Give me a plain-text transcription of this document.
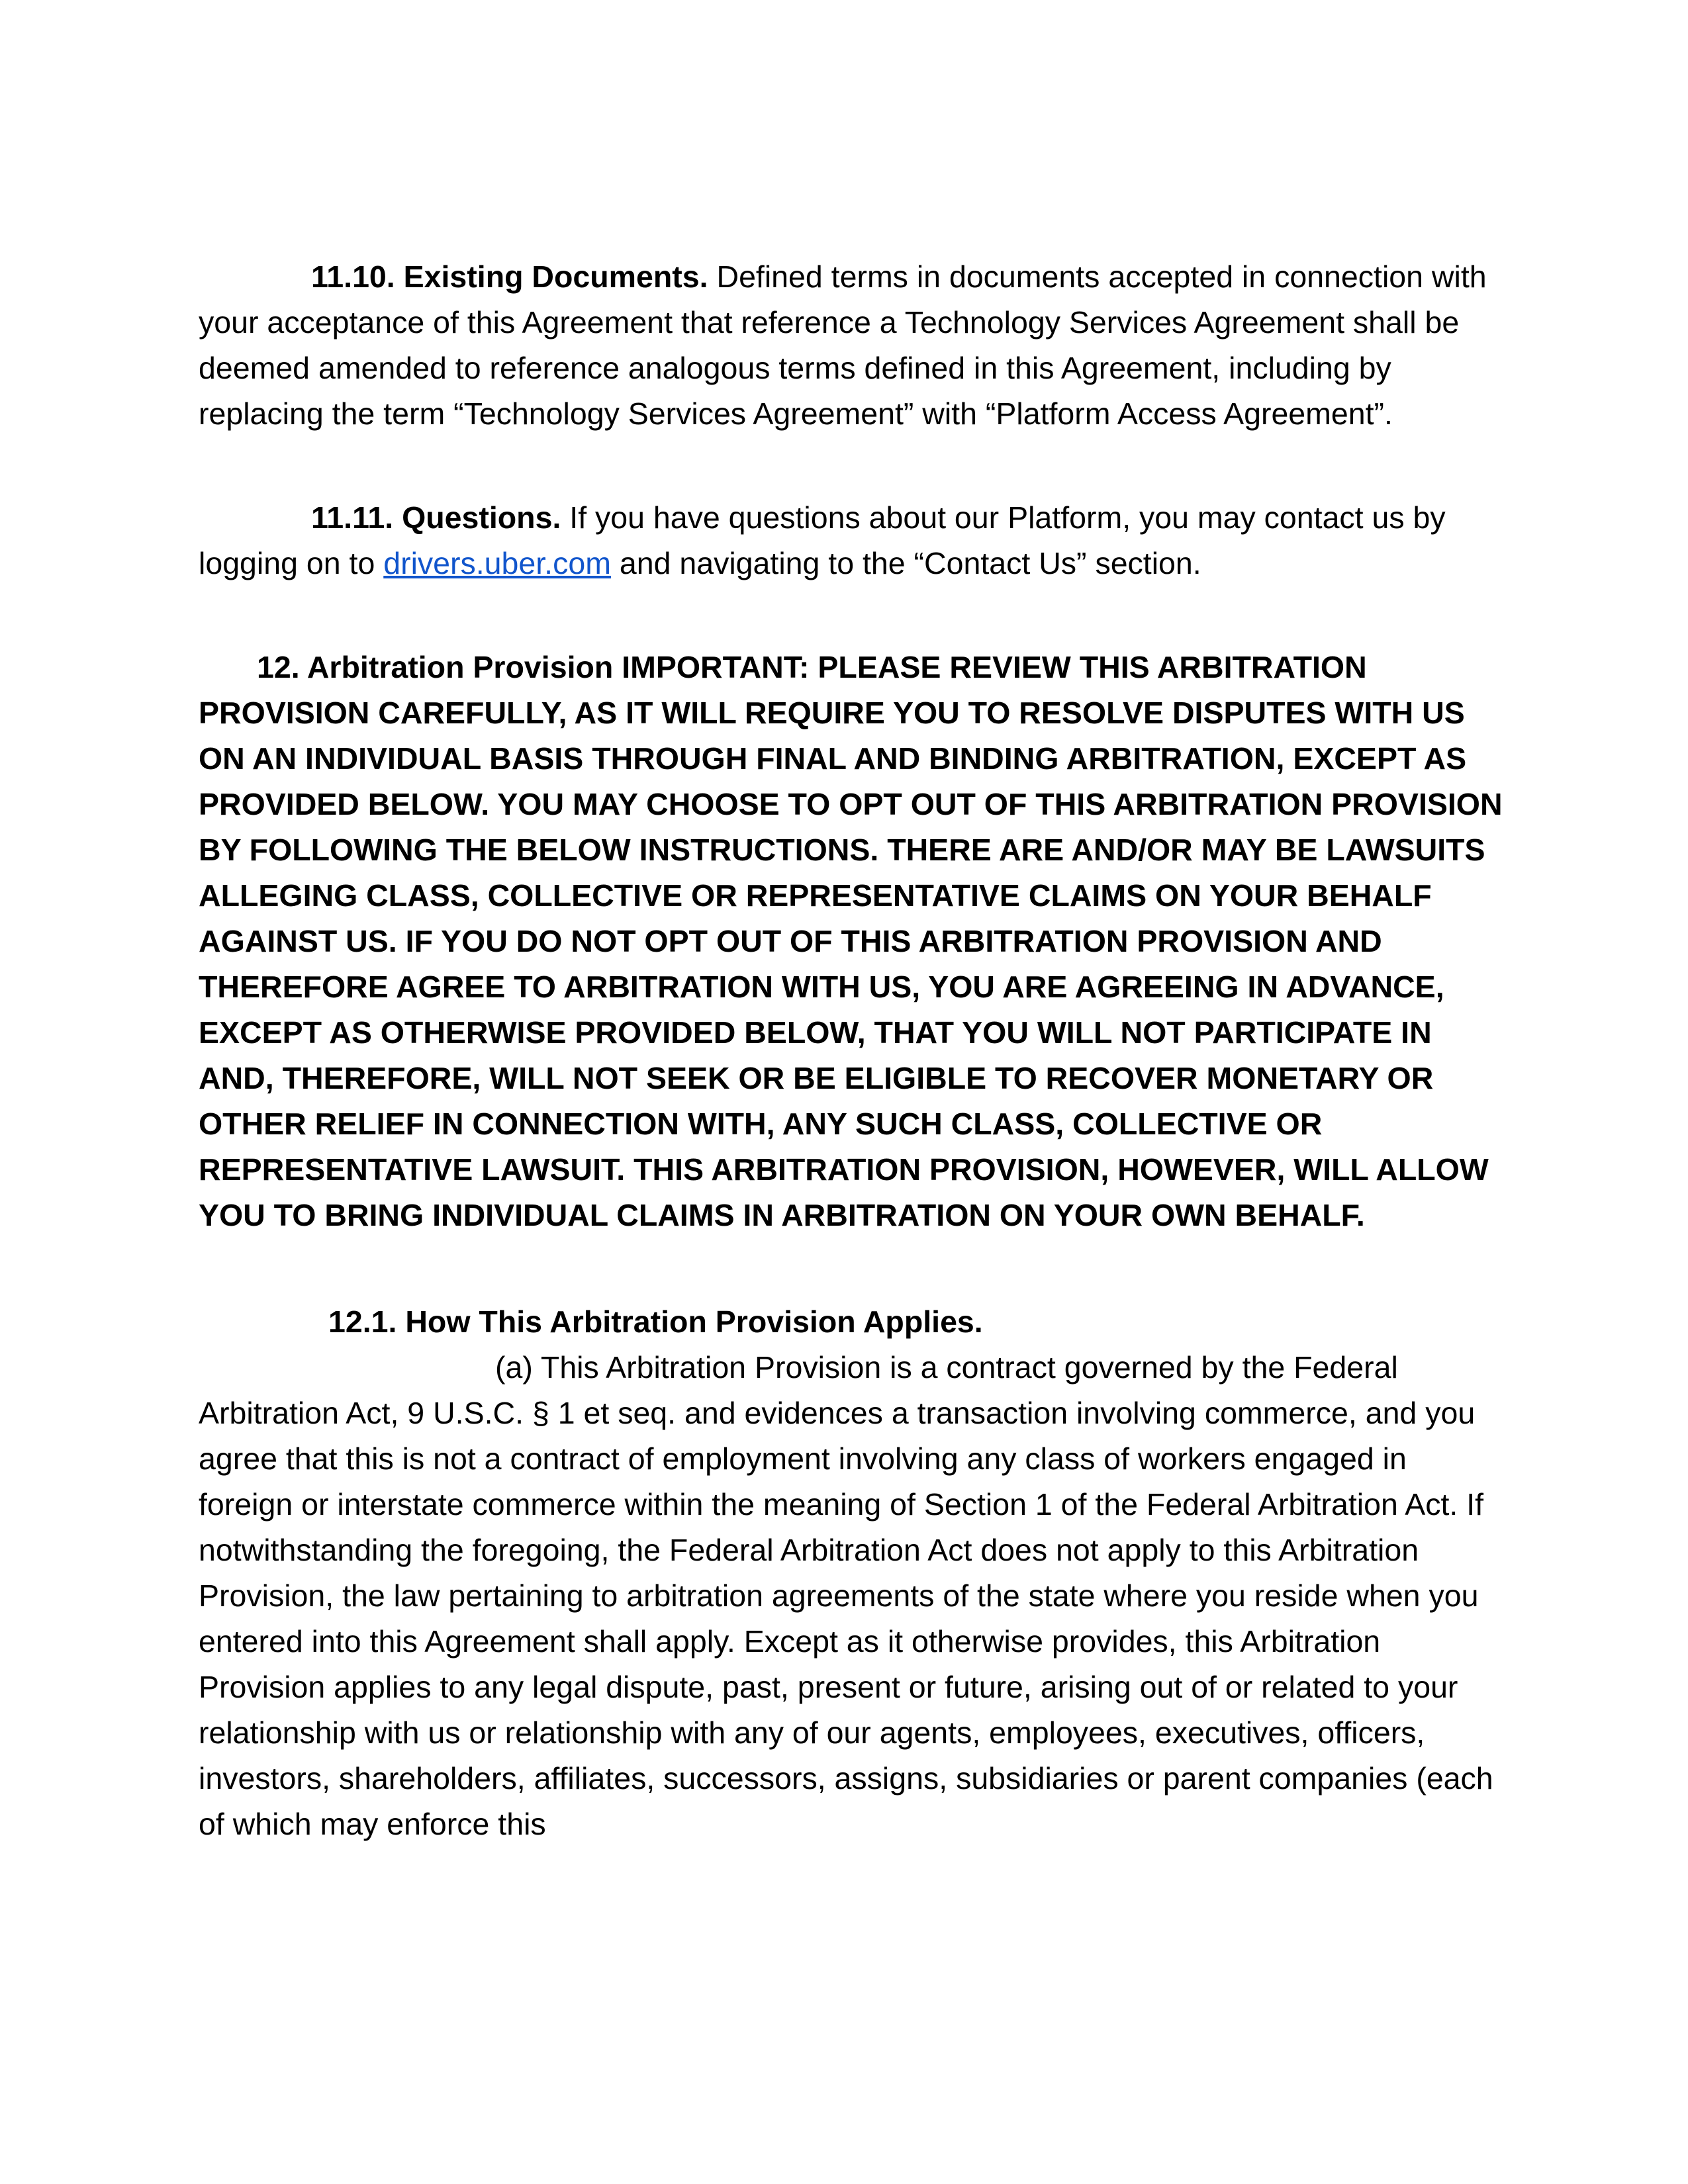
11.10. Existing Documents. Defined terms in documents accepted in connection with your acceptance of this Agreement that reference a Technology Services Agreement shall be deemed amended to reference analogous terms defined in this Agreement, including by replacing the term “Technology Services Agreement” with “Platform Access Agreement”.

11.11. Questions. If you have questions about our Platform, you may contact us by logging on to drivers.uber.com and navigating to the “Contact Us” section.

12. Arbitration Provision IMPORTANT: PLEASE REVIEW THIS ARBITRATION PROVISION CAREFULLY, AS IT WILL REQUIRE YOU TO RESOLVE DISPUTES WITH US ON AN INDIVIDUAL BASIS THROUGH FINAL AND BINDING ARBITRATION, EXCEPT AS PROVIDED BELOW. YOU MAY CHOOSE TO OPT OUT OF THIS ARBITRATION PROVISION BY FOLLOWING THE BELOW INSTRUCTIONS. THERE ARE AND/OR MAY BE LAWSUITS ALLEGING CLASS, COLLECTIVE OR REPRESENTATIVE CLAIMS ON YOUR BEHALF AGAINST US. IF YOU DO NOT OPT OUT OF THIS ARBITRATION PROVISION AND THEREFORE AGREE TO ARBITRATION WITH US, YOU ARE AGREEING IN ADVANCE, EXCEPT AS OTHERWISE PROVIDED BELOW, THAT YOU WILL NOT PARTICIPATE IN AND, THEREFORE, WILL NOT SEEK OR BE ELIGIBLE TO RECOVER MONETARY OR OTHER RELIEF IN CONNECTION WITH, ANY SUCH CLASS, COLLECTIVE OR REPRESENTATIVE LAWSUIT. THIS ARBITRATION PROVISION, HOWEVER, WILL ALLOW YOU TO BRING INDIVIDUAL CLAIMS IN ARBITRATION ON YOUR OWN BEHALF.

12.1. How This Arbitration Provision Applies.

(a) This Arbitration Provision is a contract governed by the Federal Arbitration Act, 9 U.S.C. § 1 et seq. and evidences a transaction involving commerce, and you agree that this is not a contract of employment involving any class of workers engaged in foreign or interstate commerce within the meaning of Section 1 of the Federal Arbitration Act. If notwithstanding the foregoing, the Federal Arbitration Act does not apply to this Arbitration Provision, the law pertaining to arbitration agreements of the state where you reside when you entered into this Agreement shall apply. Except as it otherwise provides, this Arbitration Provision applies to any legal dispute, past, present or future, arising out of or related to your relationship with us or relationship with any of our agents, employees, executives, officers, investors, shareholders, affiliates, successors, assigns, subsidiaries or parent companies (each of which may enforce this
